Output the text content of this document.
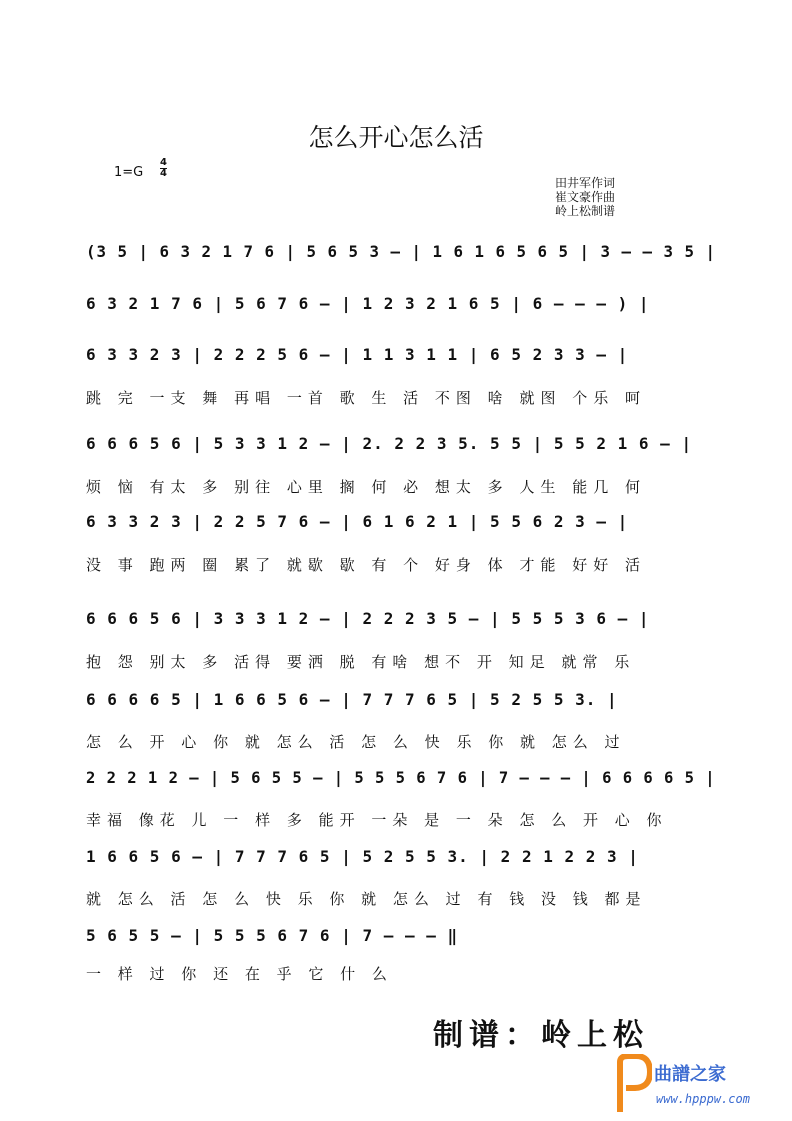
怎么开心怎么活
1=G
4
4
田井军作词
崔文豪作曲
岭上松制谱
(3 5 | 6 3 2 1 7 6 | 5 6 5 3 – | 1 6 1 6 5 6 5 | 3 – – 3 5 |
6 3 2 1 7 6 | 5 6 7 6 – | 1 2 3 2 1 6 5 | 6 – – – ) |
6 3 3 2 3 | 2 2 2 5 6 – | 1 1 3 1 1 | 6 5 2 3 3 – |
跳 完 一支 舞 再唱 一首 歌 生 活 不图 啥 就图 个乐 呵
6 6 6 5 6 | 5 3 3 1 2 – | 2. 2 2 3 5. 5 5 | 5 5 2 1 6 – |
烦 恼 有太 多 别往 心里 搁 何 必 想太 多 人生 能几 何
6 3 3 2 3 | 2 2 5 7 6 – | 6 1 6 2 1 | 5 5 6 2 3 – |
没 事 跑两 圈 累了 就歇 歇 有 个 好身 体 才能 好好 活
6 6 6 5 6 | 3 3 3 1 2 – | 2 2 2 3 5 – | 5 5 5 3 6 – |
抱 怨 别太 多 活得 要洒 脱 有啥 想不 开 知足 就常 乐
6 6 6 6 5 | 1 6 6 5 6 – | 7 7 7 6 5 | 5 2 5 5 3. |
怎 么 开 心 你 就 怎么 活 怎 么 快 乐 你 就 怎么 过
2 2 2 1 2 – | 5 6 5 5 – | 5 5 5 6 7 6 | 7 – – – | 6 6 6 6 5 |
幸福 像花 儿 一 样 多 能开 一朵 是 一 朵 怎 么 开 心 你
1 6 6 5 6 – | 7 7 7 6 5 | 5 2 5 5 3. | 2 2 1 2 2 3 |
就 怎么 活 怎 么 快 乐 你 就 怎么 过 有 钱 没 钱 都是
5 6 5 5 – | 5 5 5 6 7 6 | 7 – – – ‖
一 样 过 你 还 在 乎 它 什 么
制谱：岭上松
曲譜之家
www.hpppw.com
